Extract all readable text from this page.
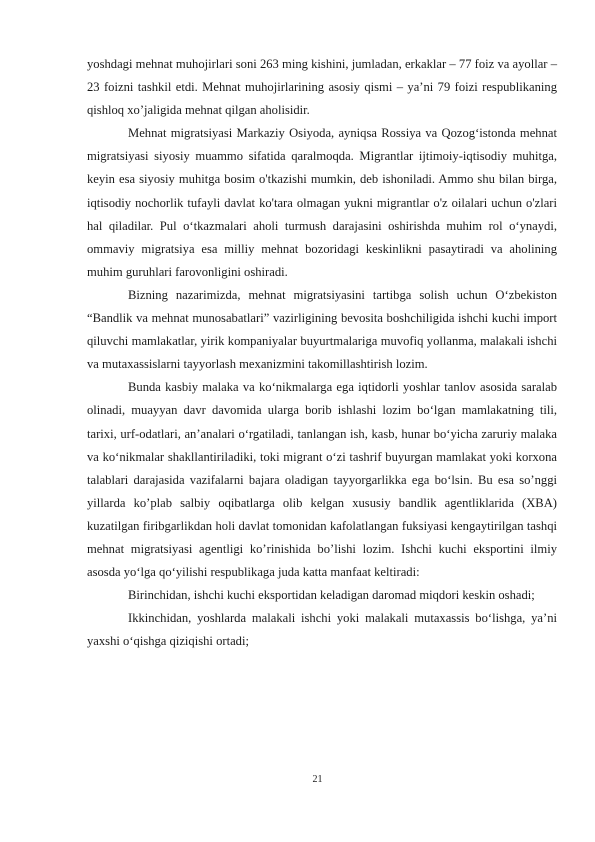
yoshdagi mehnat muhojirlari soni 263 ming kishini, jumladan, erkaklar – 77 foiz va ayollar – 23 foizni tashkil etdi. Mehnat muhojirlarining asosiy qismi – ya’ni 79 foizi respublikaning qishloq xo’jaligida mehnat qilgan aholisidir.

Mehnat migratsiyasi Markaziy Osiyoda, ayniqsa Rossiya va Qozog‘istonda mehnat migratsiyasi siyosiy muammo sifatida qaralmoqda. Migrantlar ijtimoiy-iqtisodiy muhitga, keyin esa siyosiy muhitga bosim o'tkazishi mumkin, deb ishoniladi. Ammo shu bilan birga, iqtisodiy nochorlik tufayli davlat ko'tara olmagan yukni migrantlar o'z oilalari uchun o'zlari hal qiladilar. Pul o‘tkazmalari aholi turmush darajasini oshirishda muhim rol o‘ynaydi, ommaviy migratsiya esa milliy mehnat bozoridagi keskinlikni pasaytiradi va aholining muhim guruhlari farovonligini oshiradi.

Bizning nazarimizda, mehnat migratsiyasini tartibga solish uchun O‘zbekiston “Bandlik va mehnat munosabatlari” vazirligining bevosita boshchiligida ishchi kuchi import qiluvchi mamlakatlar, yirik kompaniyalar buyurtmalariga muvofiq yollanma, malakali ishchi va mutaxassislarni tayyorlash mexanizmini takomillashtirish lozim.

Bunda kasbiy malaka va ko‘nikmalarga ega iqtidorli yoshlar tanlov asosida saralab olinadi, muayyan davr davomida ularga borib ishlashi lozim bo‘lgan mamlakatning tili, tarixi, urf-odatlari, an’analari o‘rgatiladi, tanlangan ish, kasb, hunar bo‘yicha zaruriy malaka va ko‘nikmalar shakllantiriladiki, toki migrant o‘zi tashrif buyurgan mamlakat yoki korxona talablari darajasida vazifalarni bajara oladigan tayyorgarlikka ega bo‘lsin. Bu esa so’nggi yillarda ko’plab salbiy oqibatlarga olib kelgan xususiy bandlik agentliklarida (XBA) kuzatilgan firibgarlikdan holi davlat tomonidan kafolatlangan fuksiyasi kengaytirilgan tashqi mehnat migratsiyasi agentligi ko’rinishida bo’lishi lozim. Ishchi kuchi eksportini ilmiy asosda yo‘lga qo‘yilishi respublikaga juda katta manfaat keltiradi:

Birinchidan, ishchi kuchi eksportidan keladigan daromad miqdori keskin oshadi;

Ikkinchidan, yoshlarda malakali ishchi yoki malakali mutaxassis bo‘lishga, ya’ni yaxshi o‘qishga qiziqishi ortadi;

21
